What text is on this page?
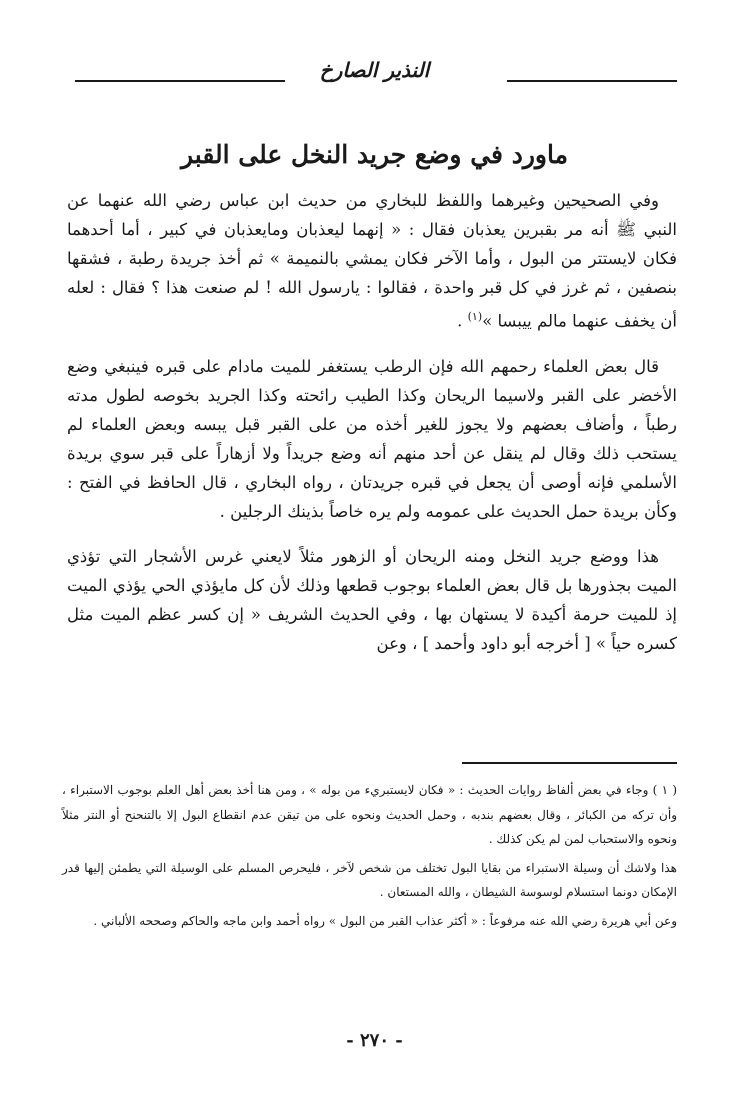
النذير الصارخ
ماورد في وضع جريد النخل على القبر

وفي الصحيحين وغيرهما واللفظ للبخاري من حديث ابن عباس رضي الله عنهما عن النبي ﷺ أنه مر بقبرين يعذبان فقال : « إنهما ليعذبان ومايعذبان في كبير ، أما أحدهما فكان لايستتر من البول ، وأما الآخر فكان يمشي بالنميمة » ثم أخذ جريدة رطبة ، فشقها بنصفين ، ثم غرز في كل قبر واحدة ، فقالوا : يارسول الله ! لم صنعت هذا ؟ فقال : لعله أن يخفف عنهما مالم ييبسا »$^{(١)}$ .

قال بعض العلماء رحمهم الله فإن الرطب يستغفر للميت مادام على قبره فينبغي وضع الأخضر على القبر ولاسيما الريحان وكذا الطيب رائحته وكذا الجريد بخوصه لطول مدته رطباً ، وأضاف بعضهم ولا يجوز للغير أخذه من على القبر قبل يبسه وبعض العلماء لم يستحب ذلك وقال لم ينقل عن أحد منهم أنه وضع جريداً ولا أزهاراً على قبر سوي بريدة الأسلمي فإنه أوصى أن يجعل في قبره جريدتان ، رواه البخاري ، قال الحافظ في الفتح : وكأن بريدة حمل الحديث على عمومه ولم يره خاصاً بذينك الرجلين .

هذا ووضع جريد النخل ومنه الريحان أو الزهور مثلاً لايعني غرس الأشجار التي تؤذي الميت بجذورها بل قال بعض العلماء بوجوب قطعها وذلك لأن كل مايؤذي الحي يؤذي الميت إذ للميت حرمة أكيدة لا يستهان بها ، وفي الحديث الشريف « إن كسر عظم الميت مثل كسره حياً » [ أخرجه أبو داود وأحمد ] ، وعن

( ١ ) وجاء في بعض ألفاظ روايات الحديث : « فكان لايستبريء من بوله » ، ومن هنا أخذ بعض أهل العلم بوجوب الاستبراء ، وأن تركه من الكبائر ، وقال بعضهم بندبه ، وحمل الحديث ونحوه على من تيقن عدم انقطاع البول إلا بالتنحنح أو النتر مثلاً ونحوه والاستحباب لمن لم يكن كذلك .

هذا ولاشك أن وسيلة الاستبراء من بقايا البول تختلف من شخص لآخر ، فليحرص المسلم على الوسيلة التي يطمئن إليها قدر الإمكان دونما استسلام لوسوسة الشيطان ، والله المستعان .

وعن أبي هريرة رضي الله عنه مرفوعاً : « أكثر عذاب القبر من البول » رواه أحمد وابن ماجه والحاكم وصححه الألباني .

- ٢٧٠ -
